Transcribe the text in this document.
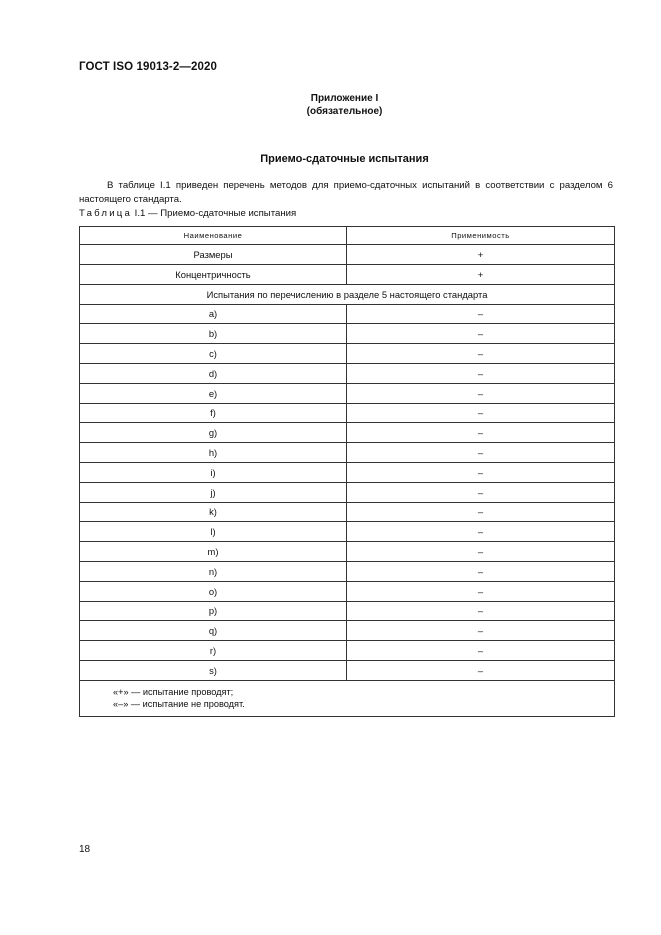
ГОСТ ISO 19013-2—2020
Приложение I
(обязательное)
Приемо-сдаточные испытания
В таблице I.1 приведен перечень методов для приемо-сдаточных испытаний в соответствии с разделом 6 настоящего стандарта.
Таблица I.1 — Приемо-сдаточные испытания
Наименование	Применимость
Размеры	+
Концентричность	+
Испытания по перечислению в разделе 5 настоящего стандарта	
a)	–
b)	–
c)	–
d)	–
e)	–
f)	–
g)	–
h)	–
i)	–
j)	–
k)	–
l)	–
m)	–
n)	–
o)	–
p)	–
q)	–
r)	–
s)	–

«+» — испытание проводят;
«–» — испытание не проводят.	
18
